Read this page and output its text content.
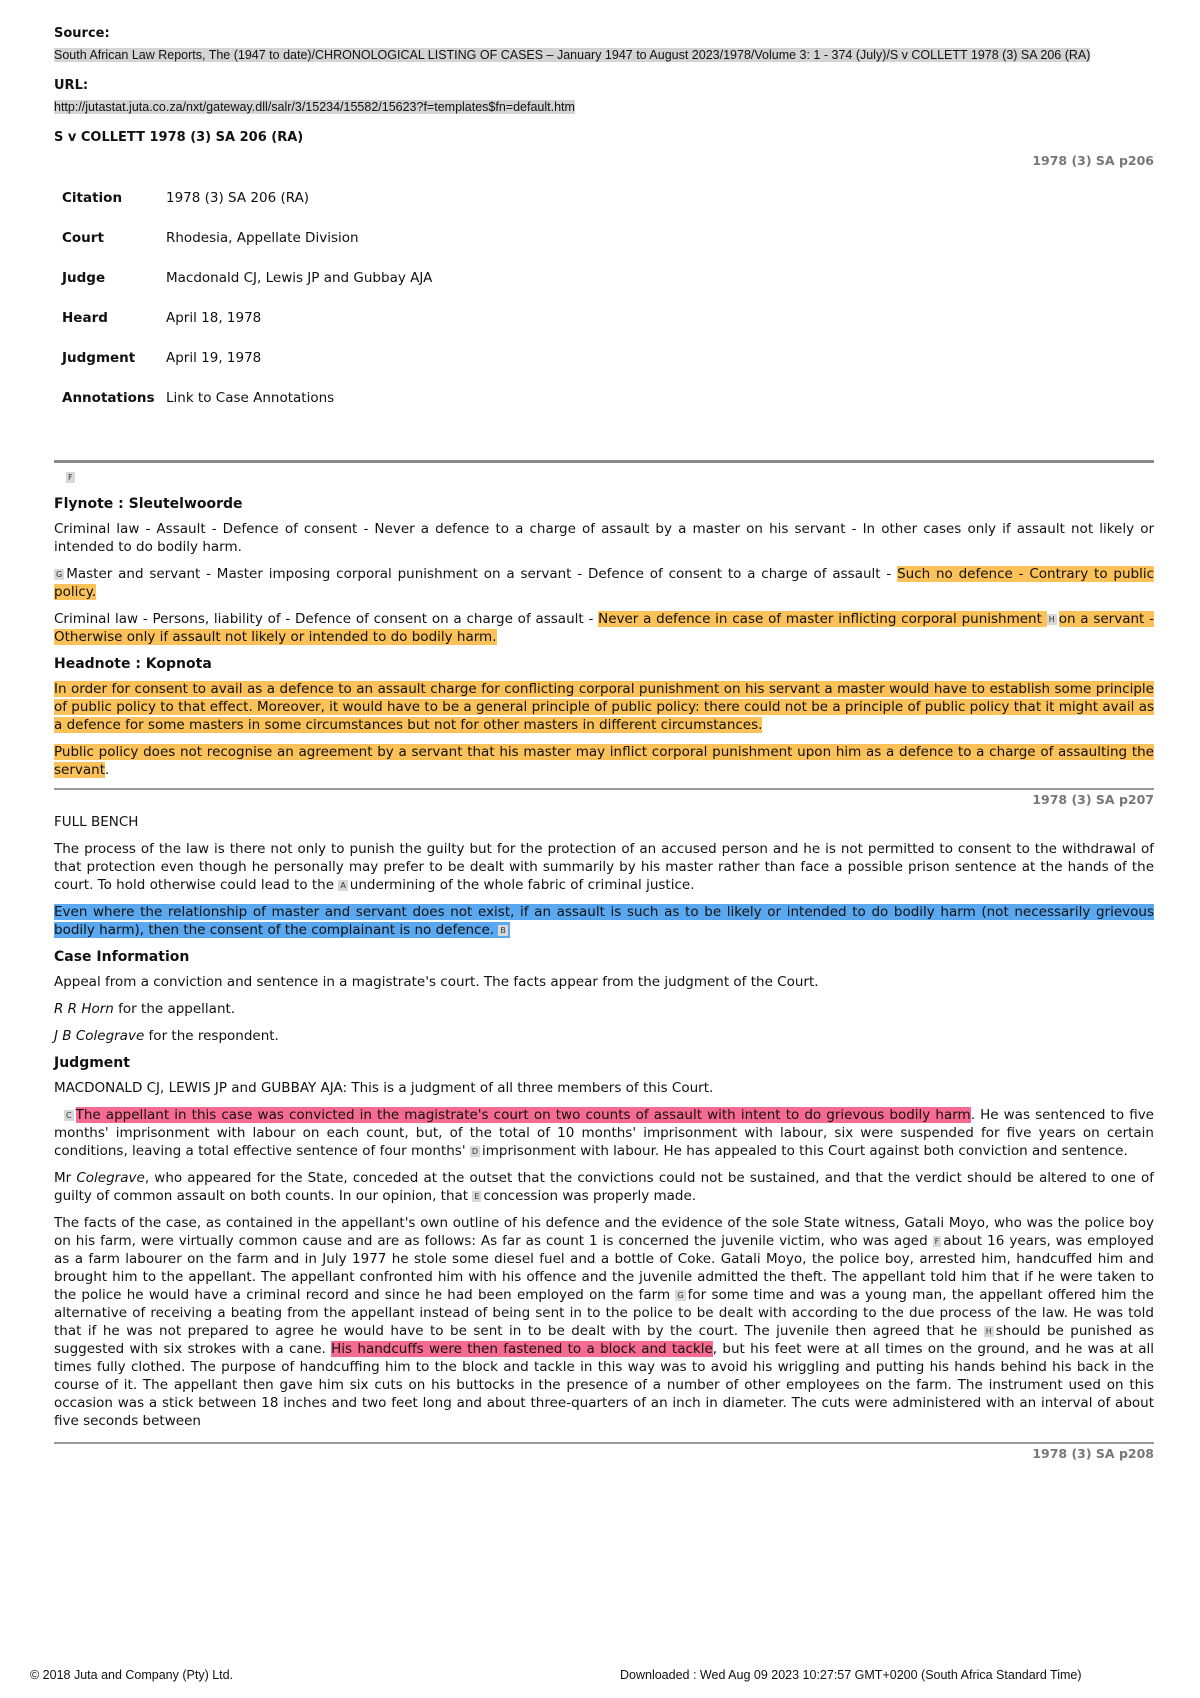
Source:
South African Law Reports, The (1947 to date)/CHRONOLOGICAL LISTING OF CASES – January 1947 to August 2023/1978/Volume 3: 1 - 374 (July)/S v COLLETT 1978 (3) SA 206 (RA)
URL:
http://jutastat.juta.co.za/nxt/gateway.dll/salr/3/15234/15582/15623?f=templates$fn=default.htm
S v COLLETT 1978 (3) SA 206 (RA)
1978 (3) SA p206
Citation	1978 (3) SA 206 (RA)
Court	Rhodesia, Appellate Division
Judge	Macdonald CJ, Lewis JP and Gubbay AJA
Heard	April 18, 1978
Judgment	April 19, 1978
Annotations	Link to Case Annotations
F
Flynote : Sleutelwoorde

Criminal law - Assault - Defence of consent - Never a defence to a charge of assault by a master on his servant - In other cases only if assault not likely or intended to do bodily harm.

G Master and servant - Master imposing corporal punishment on a servant - Defence of consent to a charge of assault - Such no defence - Contrary to public policy.

Criminal law - Persons, liability of - Defence of consent on a charge of assault - Never a defence in case of master inflicting corporal punishment H on a servant - Otherwise only if assault not likely or intended to do bodily harm.

Headnote : Kopnota

In order for consent to avail as a defence to an assault charge for conflicting corporal punishment on his servant a master would have to establish some principle of public policy to that effect. Moreover, it would have to be a general principle of public policy: there could not be a principle of public policy that it might avail as a defence for some masters in some circumstances but not for other masters in different circumstances.

Public policy does not recognise an agreement by a servant that his master may inflict corporal punishment upon him as a defence to a charge of assaulting the servant.

1978 (3) SA p207

FULL BENCH

The process of the law is there not only to punish the guilty but for the protection of an accused person and he is not permitted to consent to the withdrawal of that protection even though he personally may prefer to be dealt with summarily by his master rather than face a possible prison sentence at the hands of the court. To hold otherwise could lead to the A undermining of the whole fabric of criminal justice.

Even where the relationship of master and servant does not exist, if an assault is such as to be likely or intended to do bodily harm (not necessarily grievous bodily harm), then the consent of the complainant is no defence. B

Case Information

Appeal from a conviction and sentence in a magistrate's court. The facts appear from the judgment of the Court.

R R Horn for the appellant.

J B Colegrave for the respondent.

Judgment

MACDONALD CJ, LEWIS JP and GUBBAY AJA: This is a judgment of all three members of this Court.

C The appellant in this case was convicted in the magistrate's court on two counts of assault with intent to do grievous bodily harm. He was sentenced to five months' imprisonment with labour on each count, but, of the total of 10 months' imprisonment with labour, six were suspended for five years on certain conditions, leaving a total effective sentence of four months' D imprisonment with labour. He has appealed to this Court against both conviction and sentence.

Mr Colegrave, who appeared for the State, conceded at the outset that the convictions could not be sustained, and that the verdict should be altered to one of guilty of common assault on both counts. In our opinion, that E concession was properly made.

The facts of the case, as contained in the appellant's own outline of his defence and the evidence of the sole State witness, Gatali Moyo, who was the police boy on his farm, were virtually common cause and are as follows: As far as count 1 is concerned the juvenile victim, who was aged F about 16 years, was employed as a farm labourer on the farm and in July 1977 he stole some diesel fuel and a bottle of Coke. Gatali Moyo, the police boy, arrested him, handcuffed him and brought him to the appellant. The appellant confronted him with his offence and the juvenile admitted the theft. The appellant told him that if he were taken to the police he would have a criminal record and since he had been employed on the farm G for some time and was a young man, the appellant offered him the alternative of receiving a beating from the appellant instead of being sent in to the police to be dealt with according to the due process of the law. He was told that if he was not prepared to agree he would have to be sent in to be dealt with by the court. The juvenile then agreed that he H should be punished as suggested with six strokes with a cane. His handcuffs were then fastened to a block and tackle, but his feet were at all times on the ground, and he was at all times fully clothed. The purpose of handcuffing him to the block and tackle in this way was to avoid his wriggling and putting his hands behind his back in the course of it. The appellant then gave him six cuts on his buttocks in the presence of a number of other employees on the farm. The instrument used on this occasion was a stick between 18 inches and two feet long and about three-quarters of an inch in diameter. The cuts were administered with an interval of about five seconds between

1978 (3) SA p208
© 2018 Juta and Company (Pty) Ltd.	Downloaded : Wed Aug 09 2023 10:27:57 GMT+0200 (South Africa Standard Time)
